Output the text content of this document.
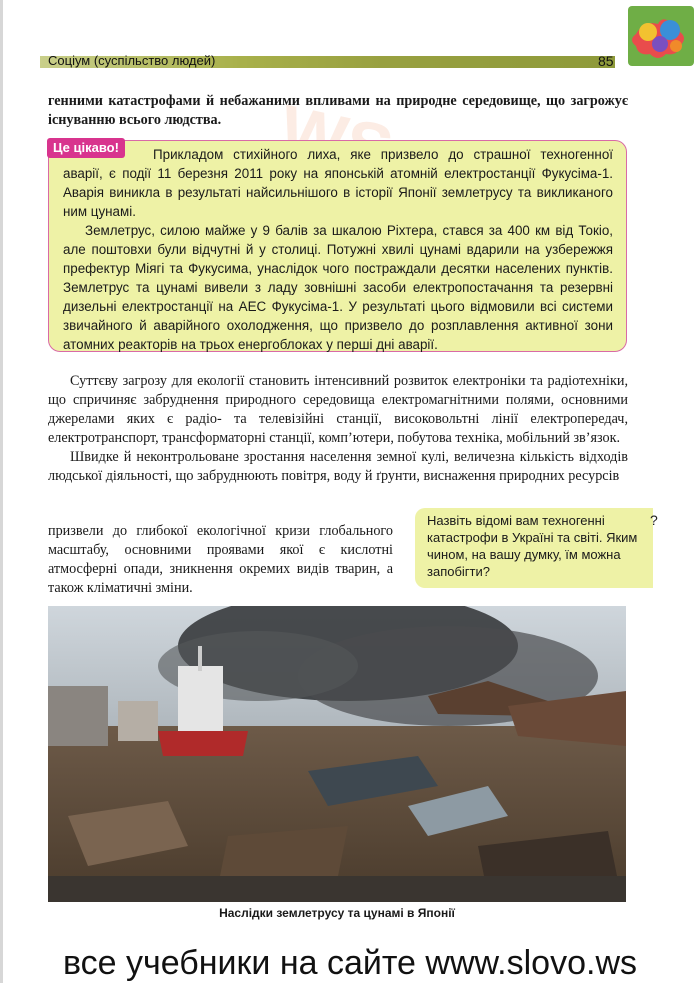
Соціум (суспільство людей)	85
генними катастрофами й небажаними впливами на природне середовище, що загрожує існуванню всього людства.
Це цікаво!	Прикладом стихійного лиха, яке призвело до страшної техногенної аварії, є події 11 березня 2011 року на японській атомній електростанції Фукусіма-1. Аварія виникла в результаті найсильнішого в історії Японії землетрусу та викликаного ним цунамі.

Землетрус, силою майже у 9 балів за шкалою Ріхтера, стався за 400 км від Токіо, але поштовхи були відчутні й у столиці. Потужні хвилі цунамі вдарили на узбережжя префектур Міягі та Фукусима, унаслідок чого постраждали десятки населених пунктів. Землетрус та цунамі вивели з ладу зовнішні засоби електропостачання та резервні дизельні електростанції на АЕС Фукусіма-1. У результаті цього відмовили всі системи звичайного й аварійного охолодження, що призвело до розплавлення активної зони атомних реакторів на трьох енергоблоках у перші дні аварії.

Суттєву загрозу для екології становить інтенсивний розвиток електроніки та радіотехніки, що спричиняє забруднення природного середовища електромагнітними полями, основними джерелами яких є радіо- та телевізійні станції, високовольтні лінії електропередач, електротранспорт, трансформаторні станції, комп’ютери, побутова техніка, мобільний зв’язок.

Швидке й неконтрольоване зростання населення земної кулі, величезна кількість відходів людської діяльності, що забруднюють повітря, воду й ґрунти, виснаження природних ресурсів

призвели до глибокої екологічної кризи глобального масштабу, основними проявами якої є кислотні атмосферні опади, зникнення окремих видів тварин, а також кліматичні зміни.
Назвіть відомі вам техногенні катастрофи в Україні та світі. Яким чином, на вашу думку, їм можна запобігти?
?
Наслідки землетрусу та цунамі в Японії
все учебники на сайте www.slovo.ws
